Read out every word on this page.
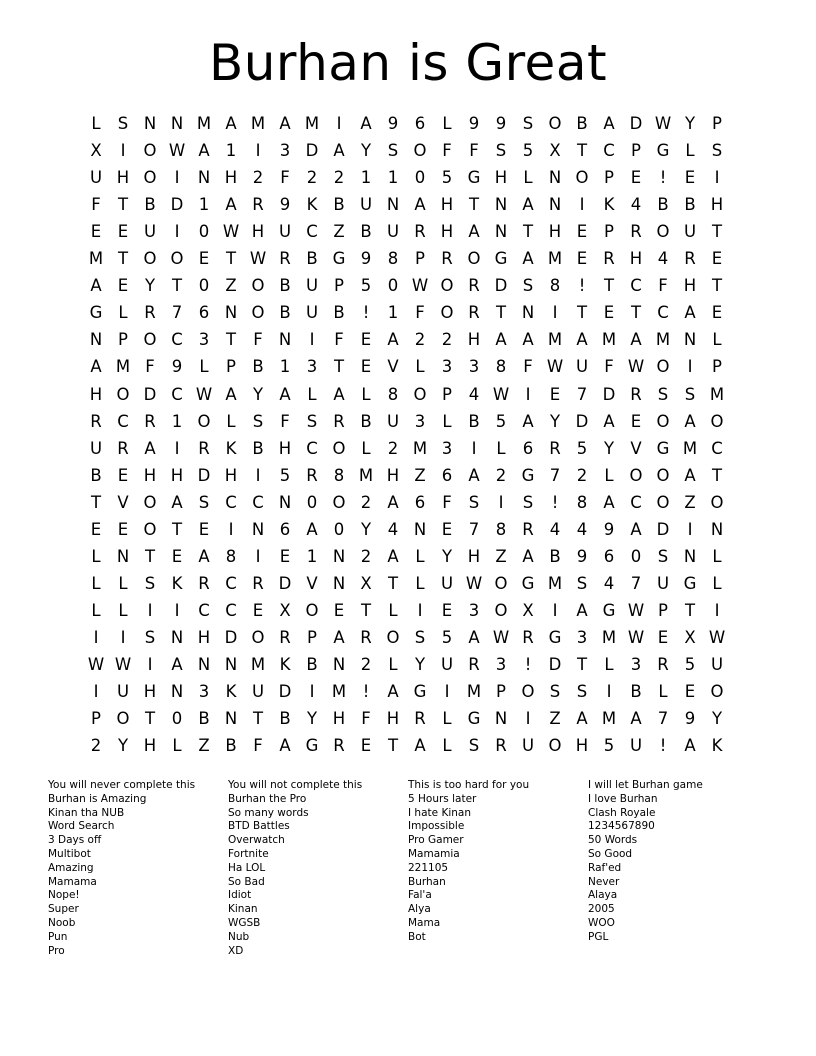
Burhan is Great
L	S N N M A M A M	I	A 9	6	L	9	9	S O B A D W Y	P
X	I	O W A 1	I	3 D A Y	S O F	F	S	5 X T C P G L	S
U H O	I	N H 2	F	2	2	1	1	0	5 G H L N O P	E	!	E	I
F	T B D 1 A R 9 K B U N A H T N A N	I	K 4 B B H
E	E U	I	0 W H U C Z B U R H A N T H E	P R O U T
M T O O E	T W R B G 9	8	P R O G A M E R H 4 R E
A E	Y	T	0 Z O B U P	5	0 W O R D S	8	!	T C F H T
G L	R 7	6 N O B U B	!	1	F O R T N	I	T	E	T C A E
N P O C 3	T	F N	I	F	E A 2	2 H A A M A M A M N L
A M F	9	L	P B 1	3	T	E V	L	3	3	8	F W U F W O	I	P
H O D C W A Y A	L	A	L	8 O P	4 W I	E	7 D R S	S M
R C R 1 O L	S	F	S R B U 3	L	B 5 A Y D A E O A O
U R A	I	R K B H C O L	2 M 3	I	L	6 R 5	Y V G M C
B E H H D H	I	5 R 8 M H Z 6 A 2 G 7	2	L O O A T
T V O A S C C N 0 O 2 A 6	F	S	I	S	!	8 A C O Z O
E	E O T	E	I	N 6 A 0	Y	4 N E	7	8 R 4	4	9 A D	I	N
L N T	E A 8	I	E	1 N 2 A	L	Y H Z A B 9	6	0	S N L
L	L	S K R C R D V N X T	L U W O G M S	4	7 U G L
L	L	I	I	C C E X O E	T	L	I	E	3 O X	I	A G W P	T	I
I	I	S N H D O R P A R O S	5 A W R G 3 M W E X W
W W I	A N N M K B N 2	L	Y U R 3	!	D T	L	3 R 5 U
I	U H N 3 K U D	I	M	!	A G	I	M P O S	S	I	B	L	E O
P O T	0 B N T B Y H F H R	L G N	I	Z A M A 7	9	Y
2	Y H L	Z B	F	A G R E	T A	L	S R U O H 5 U	!	A K
You will never complete this
Burhan is Amazing
Kinan tha NUB
Word Search
3 Days off
Multibot
Amazing
Mamama
Nope!
Super
Noob
Pun
Pro
You will not complete this
Burhan the Pro
So many words
BTD Battles
Overwatch
Fortnite
Ha LOL
So Bad
Idiot
Kinan
WGSB
Nub
XD
This is too hard for you
5 Hours later
I hate Kinan
Impossible
Pro Gamer
Mamamia
221105
Burhan
Fal'a
Alya
Mama
Bot
I will let Burhan game
I love Burhan
Clash Royale
1234567890
50 Words
So Good
Raf'ed
Never
Alaya
2005
WOO
PGL
